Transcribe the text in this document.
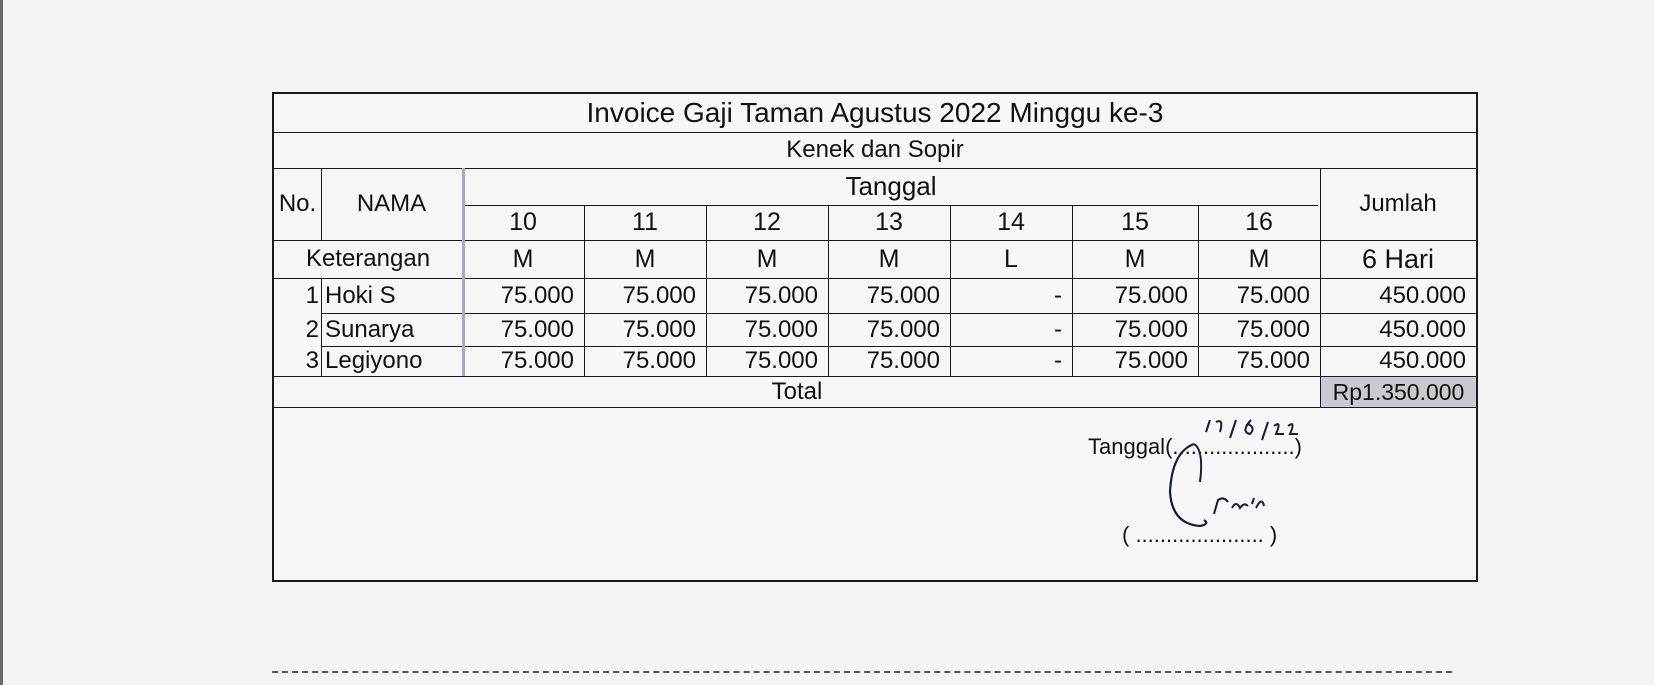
Invoice Gaji Taman Agustus 2022 Minggu ke-3
Kenek dan Sopir
No.	NAMA
Tanggal
Jumlah
10	11	12	13	14	15	16
Keterangan	M	M	M	M	L	M	M	6 Hari
1 Hoki S	75.000	75.000	75.000	75.000	-	75.000	75.000	450.000
2 Sunarya	75.000	75.000	75.000	75.000	-	75.000	75.000	450.000
3 Legiyono	75.000	75.000	75.000	75.000	-	75.000	75.000	450.000
Total	Rp1.350.000
Tanggal(....................)
( ..................... )
